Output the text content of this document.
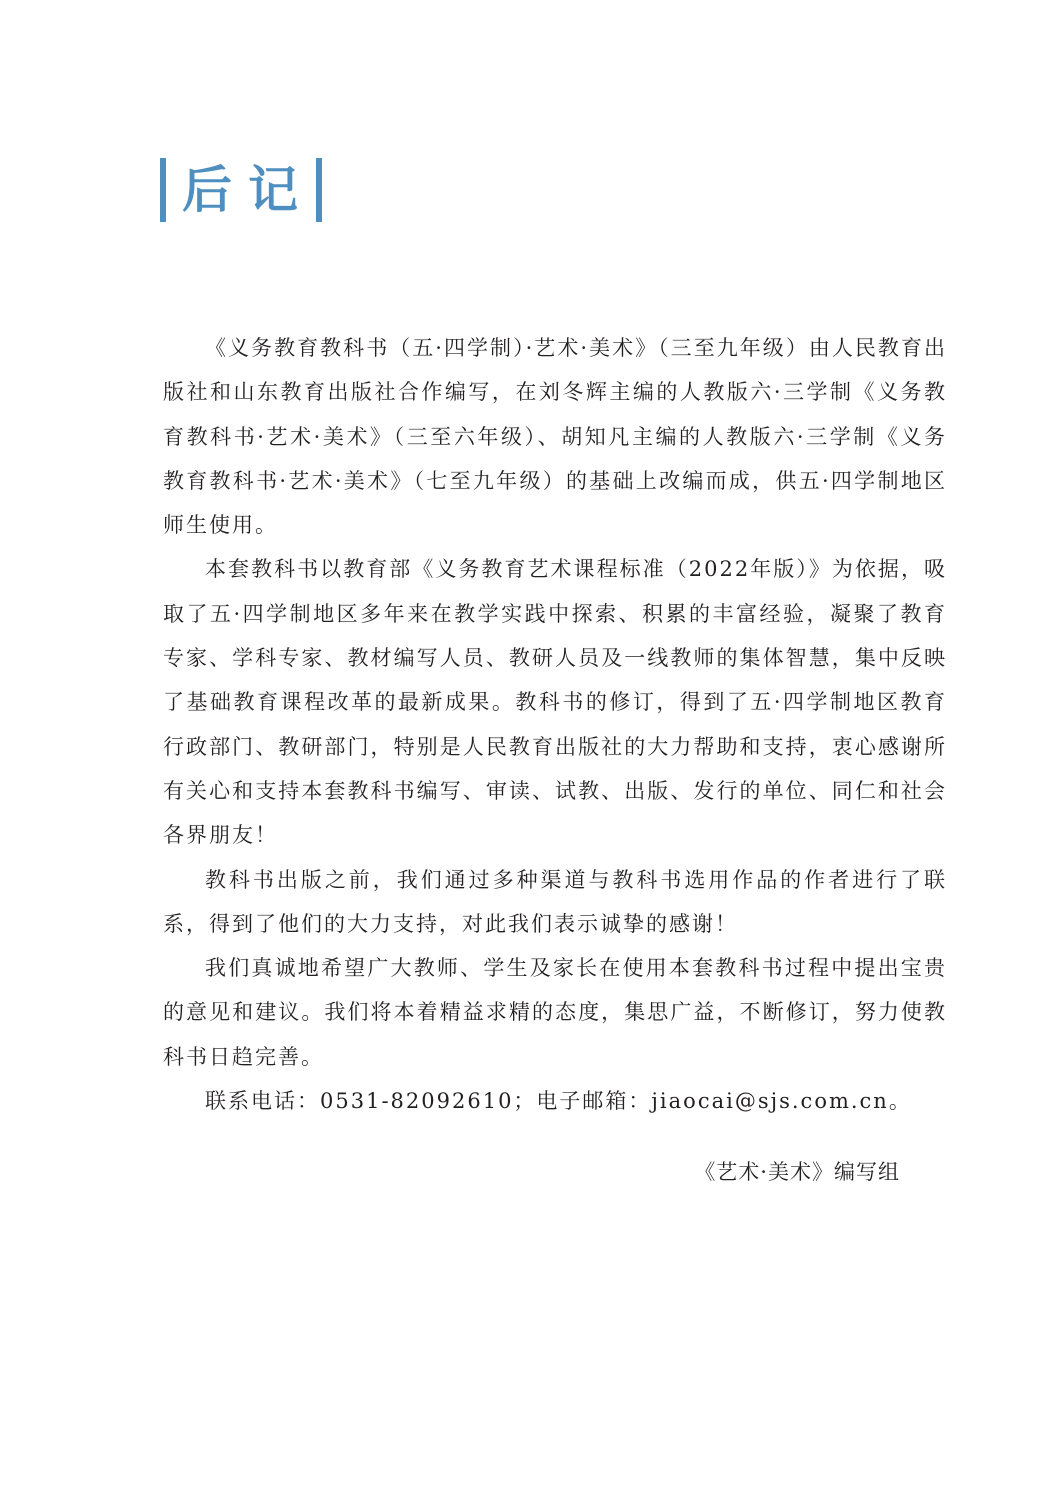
后记

《义务教育教科书（五·四学制）·艺术·美术》（三至九年级）由人民教育出版社和山东教育出版社合作编写，在刘冬辉主编的人教版六·三学制《义务教育教科书·艺术·美术》（三至六年级）、胡知凡主编的人教版六·三学制《义务教育教科书·艺术·美术》（七至九年级）的基础上改编而成，供五·四学制地区师生使用。

本套教科书以教育部《义务教育艺术课程标准（2022年版）》为依据，吸取了五·四学制地区多年来在教学实践中探索、积累的丰富经验，凝聚了教育专家、学科专家、教材编写人员、教研人员及一线教师的集体智慧，集中反映了基础教育课程改革的最新成果。教科书的修订，得到了五·四学制地区教育行政部门、教研部门，特别是人民教育出版社的大力帮助和支持，衷心感谢所有关心和支持本套教科书编写、审读、试教、出版、发行的单位、同仁和社会各界朋友！

教科书出版之前，我们通过多种渠道与教科书选用作品的作者进行了联系，得到了他们的大力支持，对此我们表示诚挚的感谢！

我们真诚地希望广大教师、学生及家长在使用本套教科书过程中提出宝贵的意见和建议。我们将本着精益求精的态度，集思广益，不断修订，努力使教科书日趋完善。

联系电话：0531-82092610；电子邮箱：jiaocai@sjs.com.cn。

《艺术·美术》编写组
